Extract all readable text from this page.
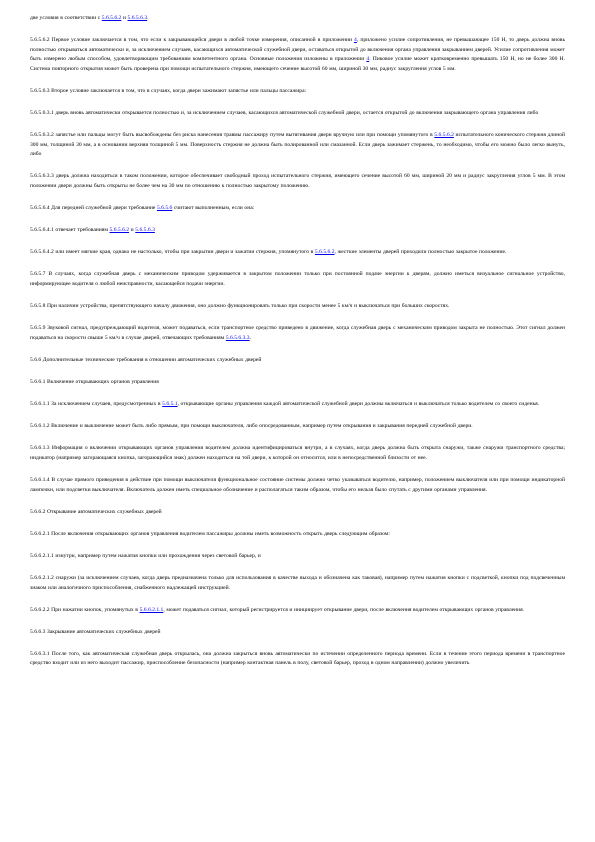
две условия в соответствии с 5.6.5.6.2 и 5.6.5.6.3.

5.6.5.6.2 Первое условие заключается в том, что если к закрывающейся двери в любой точке измерения, описанной в приложении 4, приложено усилие сопротивления, не превышающее 150 Н, то дверь должна вновь полностью открываться автоматически и, за исключением случаев, касающихся автоматической служебной двери, оставаться открытой до включения органа управления закрыванием дверей. Усилие сопротивления может быть измерено любым способом, удовлетворяющим требованиям компетентного органа. Основные положения изложены в приложении 4. Пиковое усилие может кратковременно превышать 150 Н, но не более 300 Н. Система повторного открытия может быть проверена при помощи испытательного стержня, имеющего сечение высотой 60 мм, шириной 30 мм, радиус закругления углов 5 мм.

5.6.5.6.3 Второе условие заключается в том, что в случаях, когда двери зажимают запястье или пальцы пассажира:

5.6.5.6.3.1 дверь вновь автоматически открывается полностью и, за исключением случаев, касающихся автоматической служебной двери, остается открытой до включения закрывающего органа управления либо

5.6.5.6.3.2 запястье или пальцы могут быть высвобождены без риска нанесения травмы пассажиру путем вытягивания двери вручную или при помощи упомянутого в 5.6.5.6.2 испытательного конического стержня длиной 300 мм, толщиной 30 мм, а в основании верхняя толщиной 5 мм. Поверхность стержня не должна быть полированной или смазанной. Если дверь зажимает стержень, то необходимо, чтобы его можно было легко вынуть, либо

5.6.5.6.3.3 дверь должна находиться в таком положении, которое обеспечивает свободный проход испытательного стержня, имеющего сечение высотой 60 мм, шириной 20 мм и радиус закругления углов 5 мм. В этом положении двери должны быть открыты не более чем на 30 мм по отношению к полностью закрытому положению.

5.6.5.6.4 Для передней служебной двери требование 5.6.5.6 считают выполненным, если она:

5.6.5.6.4.1 отвечает требованиям 5.6.5.6.2 и 5.6.5.6.3

5.6.5.6.4.2 или имеет мягкие края, однако не настолько, чтобы при закрытии двери и зажатии стержня, упомянутого в 5.6.5.6.2, жесткие элементы дверей приходили полностью закрытое положение.

5.6.5.7 В случаях, когда служебная дверь с механическим приводом удерживается в закрытом положении только при постоянной подаче энергии к дверям, должно иметься визуальное сигнальное устройство, информирующее водителя о любой неисправности, касающейся подачи энергии.

5.6.5.8 При наличии устройства, препятствующего началу движения, оно должно функционировать только при скорости менее 5 км/ч и выключаться при больших скоростях.

5.6.5.9 Звуковой сигнал, предупреждающий водителя, может подаваться, если транспортное средство приведено в движение, когда служебная дверь с механическим приводом закрыта не полностью. Этот сигнал должен подаваться на скорости свыше 5 км/ч в случае дверей, отвечающих требованиям 5.6.5.6.3.3.

5.6.6 Дополнительные технические требования в отношении автоматических служебных дверей

5.6.6.1 Включение открывающих органов управления

5.6.6.1.1 За исключением случаев, предусмотренных в 5.6.5.1, открывающие органы управления каждой автоматической служебной двери должны включаться и выключаться только водителем со своего сиденья.

5.6.6.1.2 Включение и выключение может быть либо прямым, при помощи выключателя, либо опосредованным, например путем открывания и закрывания передней служебной двери.

5.6.6.1.3 Информация о включении открывающих органов управления водителем должна идентифицироваться внутри, а в случаях, когда дверь должна быть открыта снаружи, также снаружи транспортного средства; индикатор (например загорающаяся кнопка, загорающийся знак) должен находиться на той двери, к которой он относится, или в непосредственной близости от нее.

5.6.6.1.4 В случае прямого приведения в действие при помощи выключателя функциональное состояние системы должно четко указываться водителю, например, положением выключателя или при помощи индикаторной лампочки, или подсветки выключателя. Включатель должен иметь специальное обозначение и располагаться таким образом, чтобы его нельзя было спутать с другими органами управления.

5.6.6.2 Открывание автоматических служебных дверей

5.6.6.2.1 После включения открывающих органов управления водителем пассажиры должны иметь возможность открыть дверь следующим образом:

5.6.6.2.1.1 изнутри, например путем нажатия кнопки или прохождения через световой барьер, и

5.6.6.2.1.2 снаружи (за исключением случаев, когда дверь предназначена только для использования в качестве выхода и обозначена как таковая), например путем нажатия кнопки с подсветкой, кнопки под подсвеченным знаком или аналогичного приспособления, снабженного надлежащей инструкцией.

5.6.6.2.2 При нажатии кнопок, упомянутых в 5.6.6.2.1.1, может подаваться сигнал, который регистрируется и инициирует открывание двери, после включения водителем открывающих органов управления.

5.6.6.3 Закрывание автоматических служебных дверей

5.6.6.3.1 После того, как автоматическая служебная дверь открылась, она должна закрыться вновь автоматически по истечении определенного периода времени. Если в течение этого периода времени в транспортное средство входит или из него выходит пассажир, приспособление безопасности (например контактная панель в полу, световой барьер, проход в одном направлении) должно увеличить
